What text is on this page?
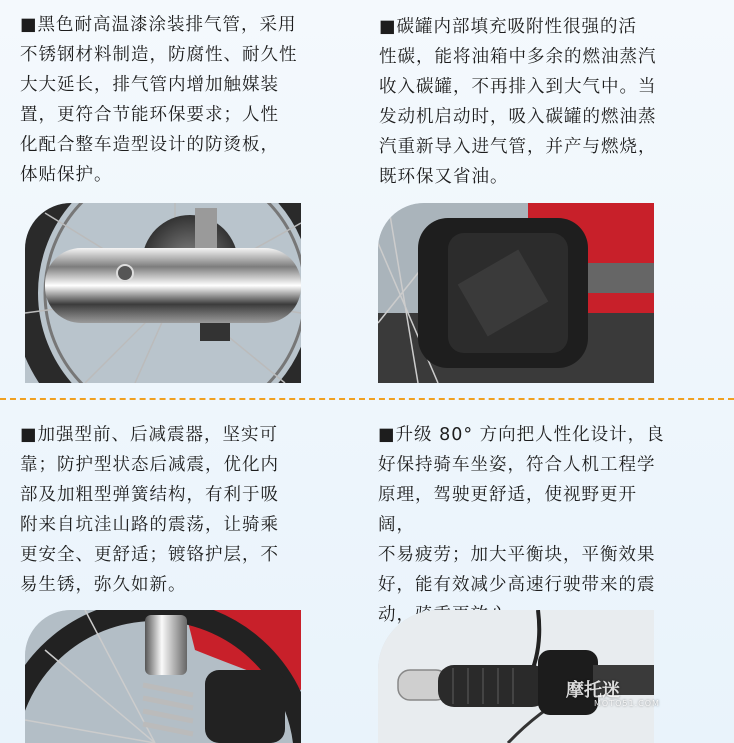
■黑色耐高温漆涂装排气管，采用
不锈钢材料制造，防腐性、耐久性
大大延长，排气管内增加触媒装
置，更符合节能环保要求；人性
化配合整车造型设计的防烫板，
体贴保护。
■碳罐内部填充吸附性很强的活
性碳，能将油箱中多余的燃油蒸汽
收入碳罐，不再排入到大气中。当
发动机启动时，吸入碳罐的燃油蒸
汽重新导入进气管，并产与燃烧，
既环保又省油。
■加强型前、后减震器，坚实可
靠；防护型状态后减震，优化内
部及加粗型弹簧结构，有利于吸
附来自坑洼山路的震荡，让骑乘
更安全、更舒适；镀铬护层，不
易生锈，弥久如新。
■升级 80° 方向把人性化设计，良
好保持骑车坐姿，符合人机工程学
原理，驾驶更舒适，使视野更开阔，
不易疲劳；加大平衡块，平衡效果
好，能有效减少高速行驶带来的震

摩托迷
MOTO51.COM
